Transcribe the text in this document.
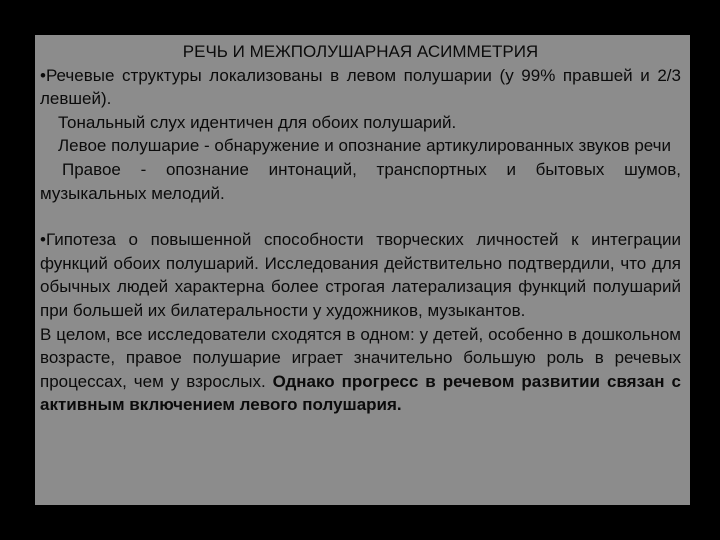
РЕЧЬ И МЕЖПОЛУШАРНАЯ АСИММЕТРИЯ

•Речевые структуры локализованы в левом полушарии (у 99% правшей и 2/3 левшей).

Тональный слух идентичен для обоих полушарий.

Левое полушарие - обнаружение и опознание артикулированных звуков речи

Правое - опознание интонаций, транспортных и бытовых шумов, музыкальных мелодий.

•Гипотеза о повышенной способности творческих личностей к интеграции функций обоих полушарий. Исследования действительно подтвердили, что для обычных людей характерна более строгая латерализация функций полушарий при большей их билатеральности у художников, музыкантов.

В целом, все исследователи сходятся в одном: у детей, особенно в дошкольном возрасте, правое полушарие играет значительно большую роль в речевых процессах, чем у взрослых. Однако прогресс в речевом развитии связан с активным включением левого полушария.
